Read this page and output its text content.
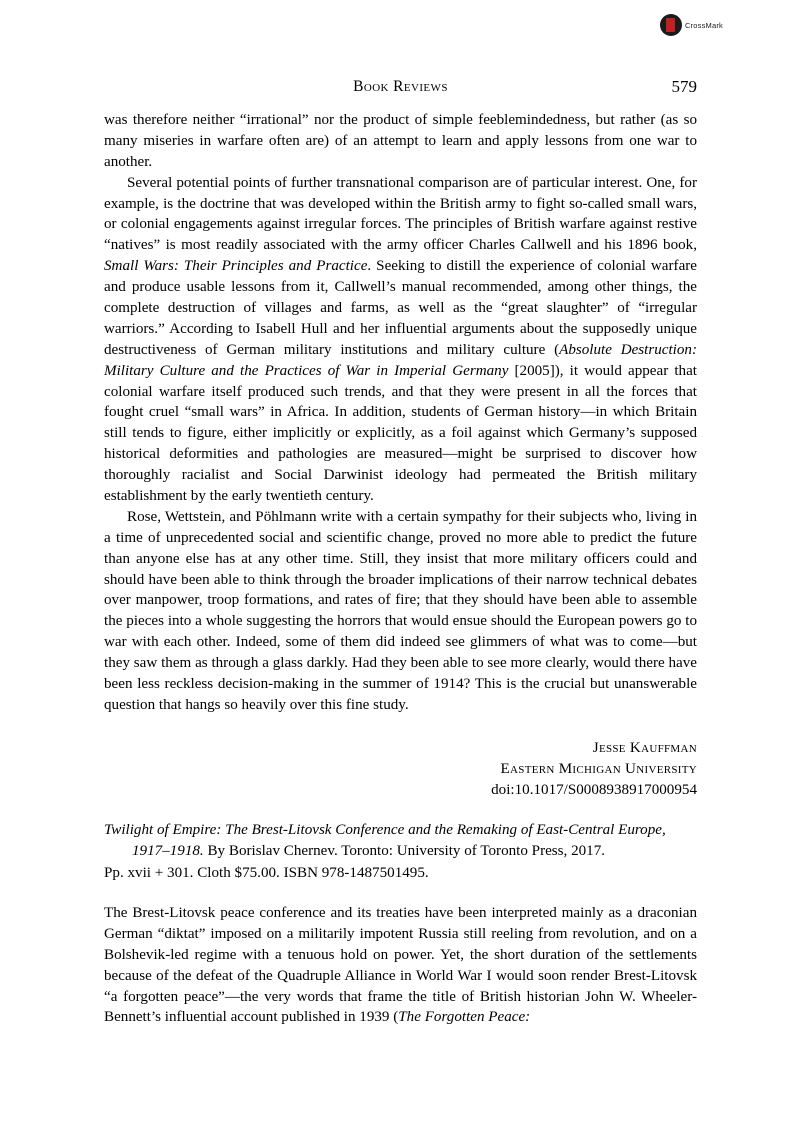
CrossMark
Book Reviews	579

was therefore neither “irrational” nor the product of simple feeblemindedness, but rather (as so many miseries in warfare often are) of an attempt to learn and apply lessons from one war to another.

Several potential points of further transnational comparison are of particular interest. One, for example, is the doctrine that was developed within the British army to fight so-called small wars, or colonial engagements against irregular forces. The principles of British warfare against restive “natives” is most readily associated with the army officer Charles Callwell and his 1896 book, Small Wars: Their Principles and Practice. Seeking to distill the experience of colonial warfare and produce usable lessons from it, Callwell’s manual recommended, among other things, the complete destruction of villages and farms, as well as the “great slaughter” of “irregular warriors.” According to Isabell Hull and her influential arguments about the supposedly unique destructiveness of German military institutions and military culture (Absolute Destruction: Military Culture and the Practices of War in Imperial Germany [2005]), it would appear that colonial warfare itself produced such trends, and that they were present in all the forces that fought cruel “small wars” in Africa. In addition, students of German history—in which Britain still tends to figure, either implicitly or explicitly, as a foil against which Germany’s supposed historical deformities and pathologies are measured—might be surprised to discover how thoroughly racialist and Social Darwinist ideology had permeated the British military establishment by the early twentieth century.

Rose, Wettstein, and Pöhlmann write with a certain sympathy for their subjects who, living in a time of unprecedented social and scientific change, proved no more able to predict the future than anyone else has at any other time. Still, they insist that more military officers could and should have been able to think through the broader implications of their narrow technical debates over manpower, troop formations, and rates of fire; that they should have been able to assemble the pieces into a whole suggesting the horrors that would ensue should the European powers go to war with each other. Indeed, some of them did indeed see glimmers of what was to come—but they saw them as through a glass darkly. Had they been able to see more clearly, would there have been less reckless decision-making in the summer of 1914? This is the crucial but unanswerable question that hangs so heavily over this fine study.

Jesse Kauffman
Eastern Michigan University
doi:10.1017/S0008938917000954
Twilight of Empire: The Brest-Litovsk Conference and the Remaking of East-Central Europe, 1917–1918. By Borislav Chernev. Toronto: University of Toronto Press, 2017.
Pp. xvii + 301. Cloth $75.00. ISBN 978-1487501495.

The Brest-Litovsk peace conference and its treaties have been interpreted mainly as a draconian German “diktat” imposed on a militarily impotent Russia still reeling from revolution, and on a Bolshevik-led regime with a tenuous hold on power. Yet, the short duration of the settlements because of the defeat of the Quadruple Alliance in World War I would soon render Brest-Litovsk “a forgotten peace”—the very words that frame the title of British historian John W. Wheeler-Bennett’s influential account published in 1939 (The Forgotten Peace:
